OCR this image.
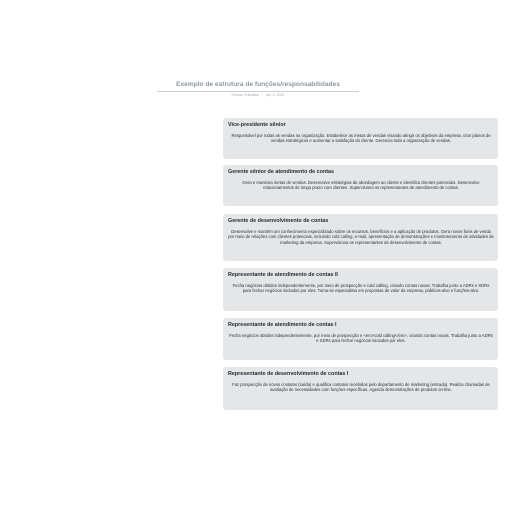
Exemplo de estrutura de funções/responsabilidades
Serhan Tekbalaei | Apr 6, 2021
Vice-presidente sênior
Responsável por todas as vendas na organização. Estabelece as metas de vendas visando atingir os objetivos da empresa, criar planos de vendas estratégicos e aumentar a satisfação do cliente. Gerencia toda a organização de vendas.
Gerente sênior de atendimento de contas
Gera e monitora metas de vendas. Desenvolve estratégias de abordagem ao cliente e identifica clientes potenciais. Desenvolve relacionamentos de longo prazo com clientes. Supervisiona os representantes de atendimento de contas.
Gerente de desenvolvimento de contas
Desenvolve e mantém um conhecimento especializado sobre os recursos, benefícios e a aplicação de produtos. Gera novos funis de venda por meio de relações com clientes potenciais, incluindo cold calling, e-mail, apresentação de demonstrações e monitoramento de atividades de marketing da empresa. Supervisiona os representantes de desenvolvimento de contas.
Representante de atendimento de contas II
Fecha negócios obtidos independentemente, por meio de prospecção e cold calling, criando contas novas. Trabalha junto a ADRs e SDRs para fechar negócios iniciados por eles. Torna-se especialista em propostas de valor da empresa, públicos-alvo e funções-alvo.
Representante de atendimento de contas I
Fecha negócios obtidos independentemente, por meio de prospecção e <em>cold calling</em>, criando contas novas. Trabalha junto a ADRs e SDRs para fechar negócios iniciados por eles.
Representante de desenvolvimento de contas I
Faz prospecção de novos contatos (saída) e qualifica contatos recebidos pelo departamento de marketing (entrada). Realiza chamadas de avaliação de necessidades com funções específicas. Agenda demonstrações de produtos on-line.
